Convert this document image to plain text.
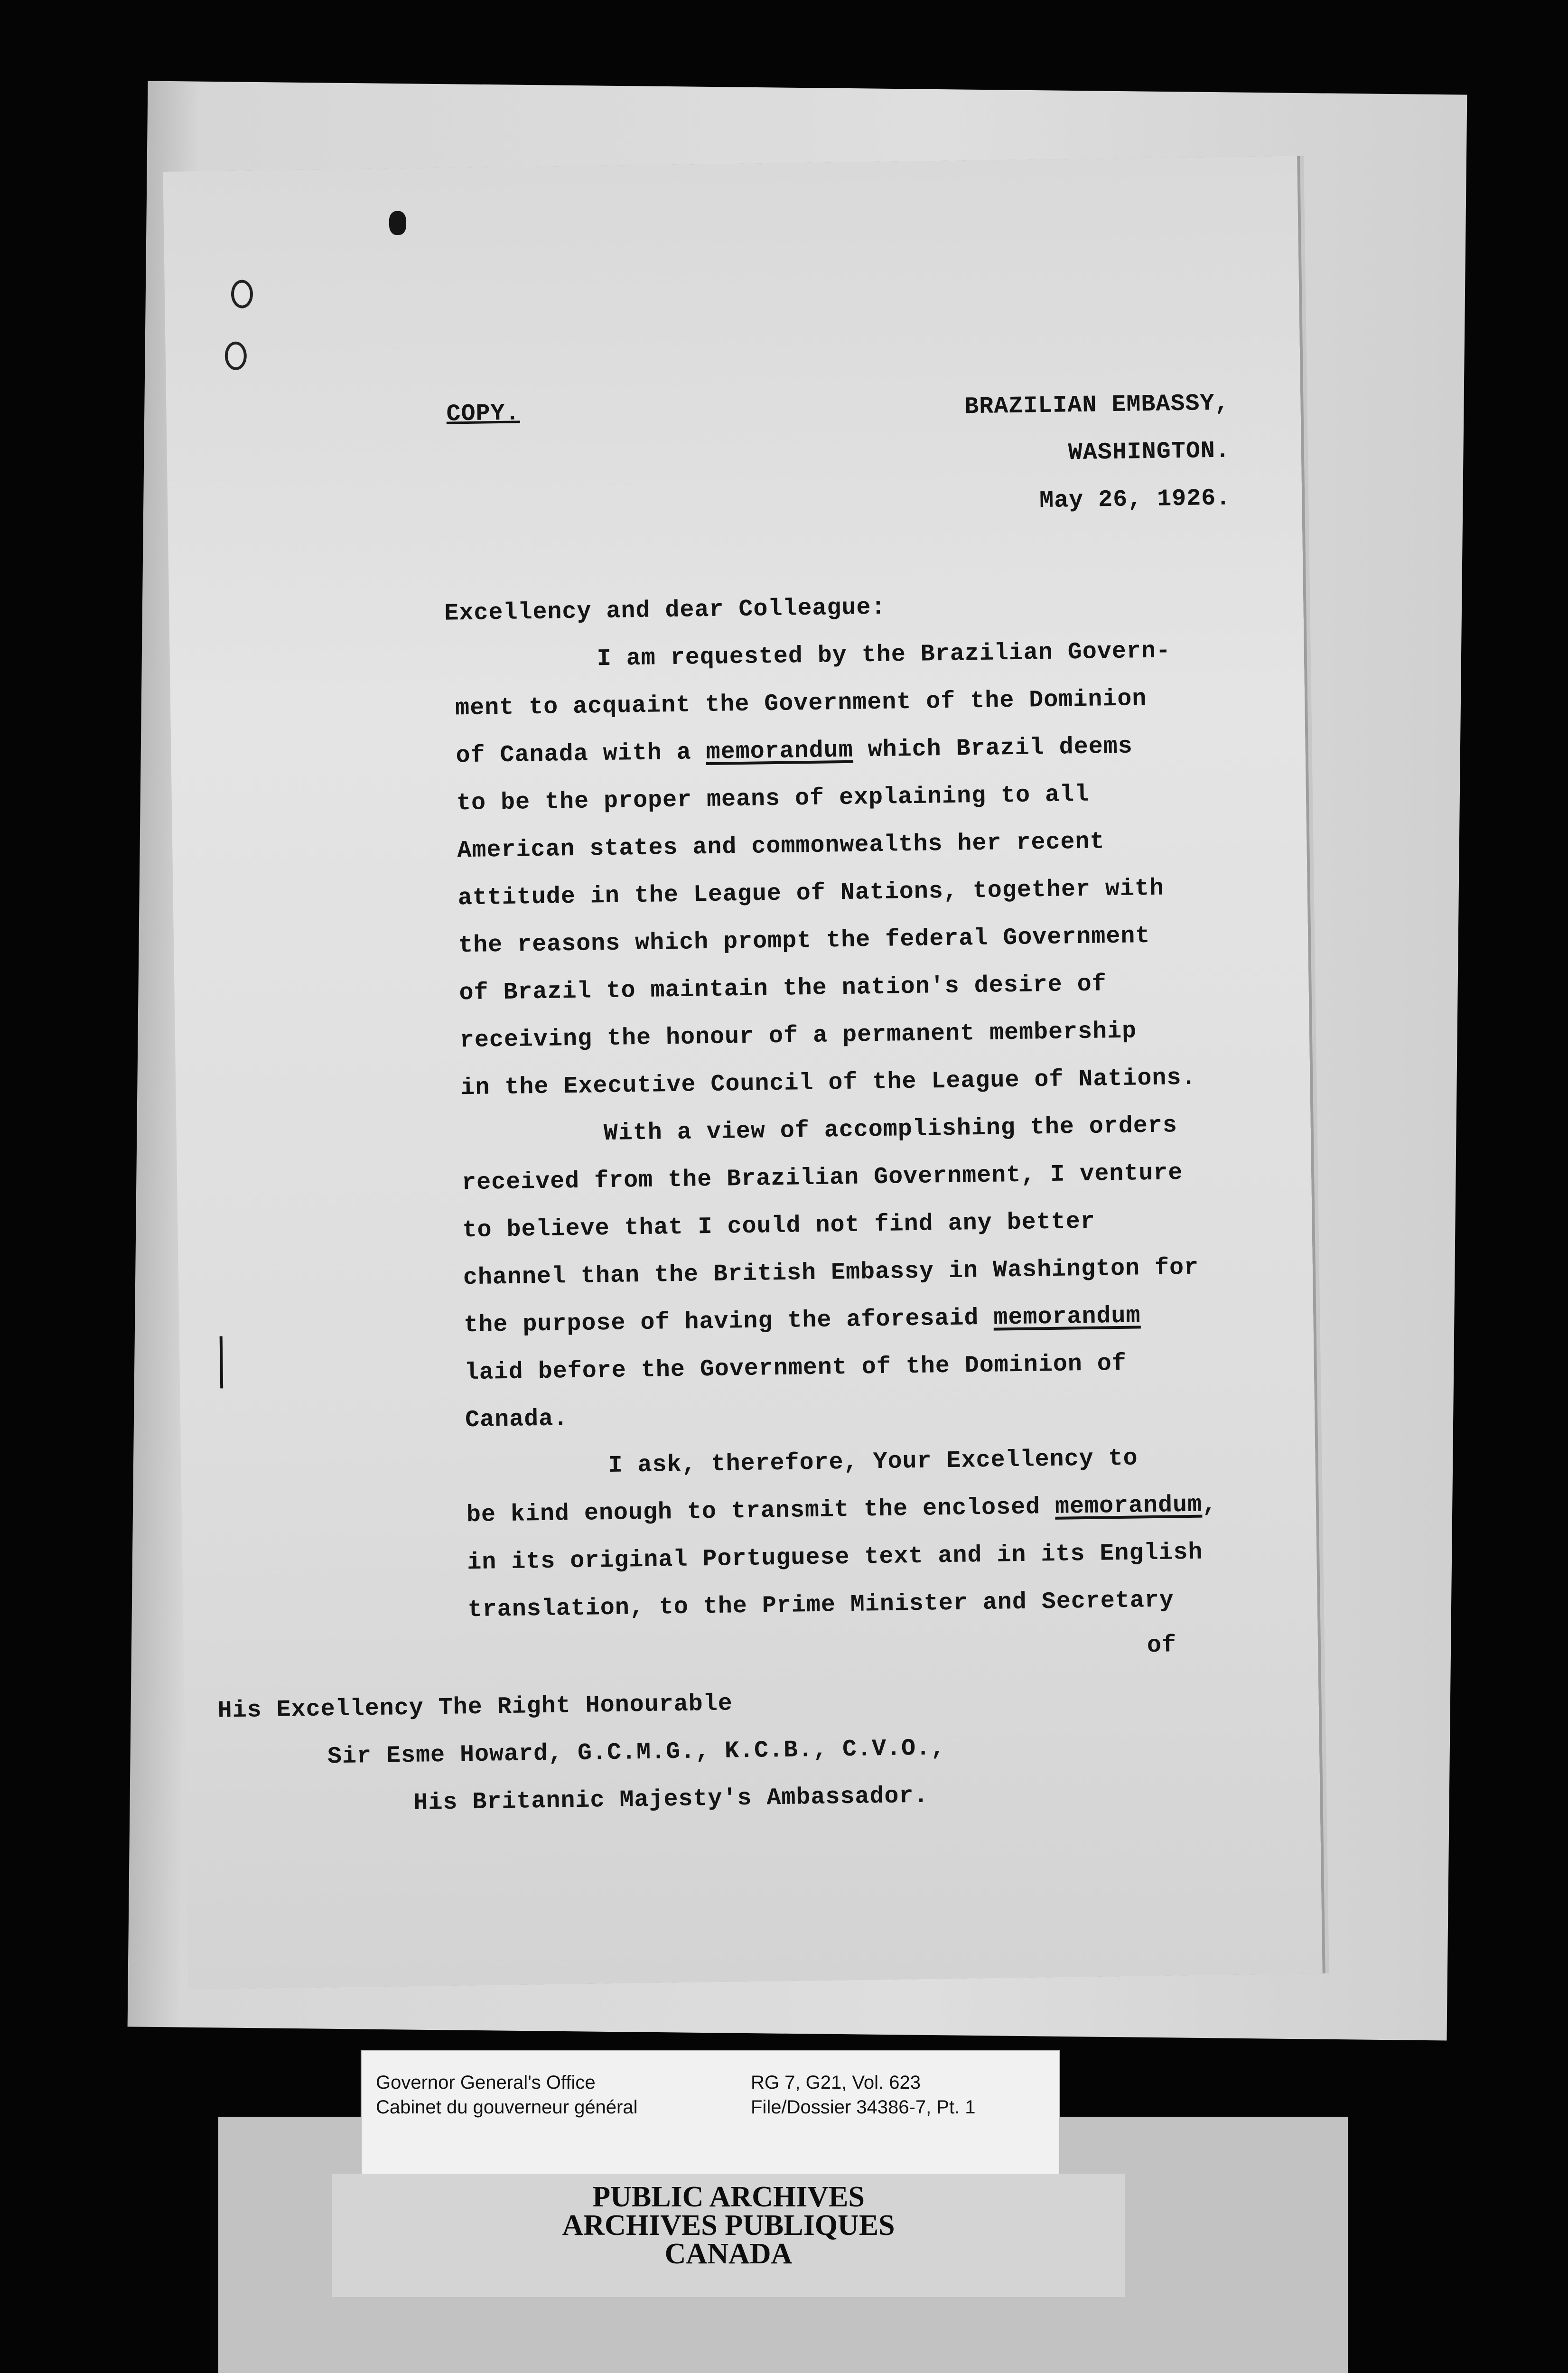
COPY.	BRAZILIAN EMBASSY,
WASHINGTON.
May 26, 1926.
Excellency and dear Colleague:
I am requested by the Brazilian Govern-
ment to acquaint the Government of the Dominion
of Canada with a memorandum which Brazil deems
to be the proper means of explaining to all
American states and commonwealths her recent
attitude in the League of Nations, together with
the reasons which prompt the federal Government
of Brazil to maintain the nation's desire of
receiving the honour of a permanent membership
in the Executive Council of the League of Nations.
With a view of accomplishing the orders
received from the Brazilian Government, I venture
to believe that I could not find any better
channel than the British Embassy in Washington for
the purpose of having the aforesaid memorandum
laid before the Government of the Dominion of
Canada.
I ask, therefore, Your Excellency to
be kind enough to transmit the enclosed memorandum,
in its original Portuguese text and in its English
translation, to the Prime Minister and Secretary
of
His Excellency The Right Honourable
Sir Esme Howard, G.C.M.G., K.C.B., C.V.O.,
His Britannic Majesty's Ambassador.
Governor General's Office
Cabinet du gouverneur général
RG 7, G21, Vol. 623
File/Dossier 34386-7, Pt. 1
PUBLIC ARCHIVES
ARCHIVES PUBLIQUES
CANADA
